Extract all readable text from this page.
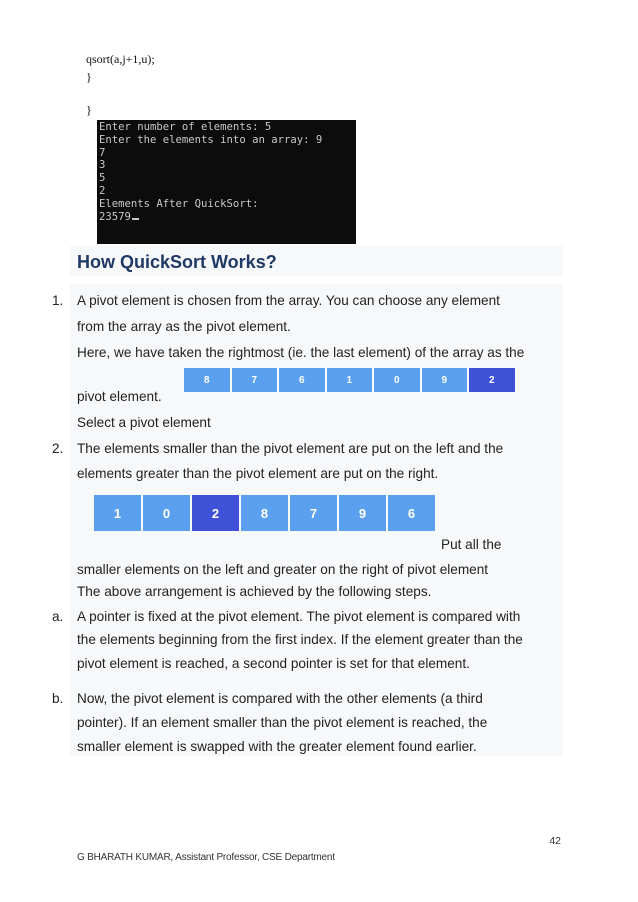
qsort(a,j+1,u);
}
}
Enter number of elements: 5
Enter the elements into an array: 9
7
3
5
2
Elements After QuickSort:
23579
How QuickSort Works?
1. A pivot element is chosen from the array. You can choose any element
from the array as the pivot element.
Here, we have taken the rightmost (ie. the last element) of the array as the
pivot element.
Select a pivot element
8	7	6	1	0	9	2
2. The elements smaller than the pivot element are put on the left and the
elements greater than the pivot element are put on the right.
1	0	2	8	7	9	6
Put all the
smaller elements on the left and greater on the right of pivot element
The above arrangement is achieved by the following steps.
a. A pointer is fixed at the pivot element. The pivot element is compared with
the elements beginning from the first index. If the element greater than the
pivot element is reached, a second pointer is set for that element.
b. Now, the pivot element is compared with the other elements (a third
pointer). If an element smaller than the pivot element is reached, the
smaller element is swapped with the greater element found earlier.
42
G BHARATH KUMAR, Assistant Professor, CSE Department
